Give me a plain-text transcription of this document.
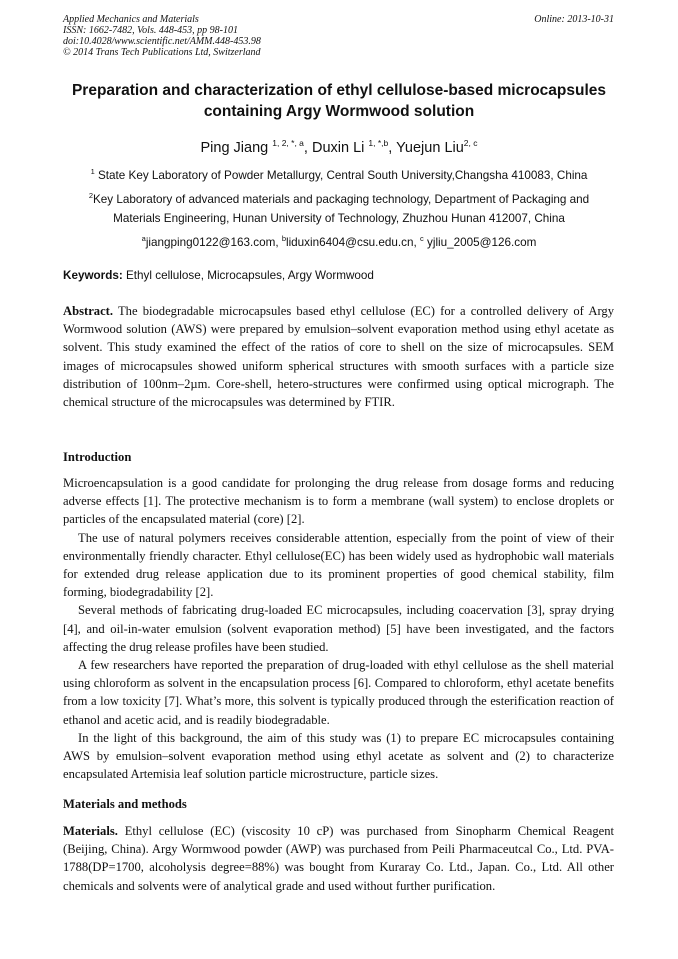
Applied Mechanics and Materials
ISSN: 1662-7482, Vols. 448-453, pp 98-101
doi:10.4028/www.scientific.net/AMM.448-453.98
© 2014 Trans Tech Publications Ltd, Switzerland
Online: 2013-10-31
Preparation and characterization of ethyl cellulose-based microcapsules
containing Argy Wormwood solution
Ping Jiang $^{1, 2, *, a}$, Duxin Li $^{1, *,b}$, Yuejun Liu$^{2, c}$
$^1$ State Key Laboratory of Powder Metallurgy, Central South University,Changsha 410083, China
$^2$Key Laboratory of advanced materials and packaging technology, Department of Packaging and
Materials Engineering, Hunan University of Technology, Zhuzhou Hunan 412007, China
$^a$jiangping0122@163.com, $^b$liduxin6404@csu.edu.cn, $^c$ yjliu_2005@126.com
Keywords: Ethyl cellulose, Microcapsules, Argy Wormwood

Abstract. The biodegradable microcapsules based ethyl cellulose (EC) for a controlled delivery of Argy Wormwood solution (AWS) were prepared by emulsion–solvent evaporation method using ethyl acetate as solvent. This study examined the effect of the ratios of core to shell on the size of microcapsules. SEM images of microcapsules showed uniform spherical structures with smooth surfaces with a particle size distribution of 100nm–2µm. Core-shell, hetero-structures were confirmed using optical micrograph. The chemical structure of the microcapsules was determined by FTIR.

Introduction

Microencapsulation is a good candidate for prolonging the drug release from dosage forms and reducing adverse effects [1]. The protective mechanism is to form a membrane (wall system) to enclose droplets or particles of the encapsulated material (core) [2].

The use of natural polymers receives considerable attention, especially from the point of view of their environmentally friendly character. Ethyl cellulose(EC) has been widely used as hydrophobic wall materials for extended drug release application due to its prominent properties of good chemical stability, film forming, biodegradability [2].

Several methods of fabricating drug-loaded EC microcapsules, including coacervation [3], spray drying [4], and oil-in-water emulsion (solvent evaporation method) [5] have been investigated, and the factors affecting the drug release profiles have been studied.

A few researchers have reported the preparation of drug-loaded with ethyl cellulose as the shell material using chloroform as solvent in the encapsulation process [6]. Compared to chloroform, ethyl acetate benefits from a low toxicity [7]. What’s more, this solvent is typically produced through the esterification reaction of ethanol and acetic acid, and is readily biodegradable.

In the light of this background, the aim of this study was (1) to prepare EC microcapsules containing AWS by emulsion–solvent evaporation method using ethyl acetate as solvent and (2) to characterize encapsulated Artemisia leaf solution particle microstructure, particle sizes.

Materials and methods

Materials. Ethyl cellulose (EC) (viscosity 10 cP) was purchased from Sinopharm Chemical Reagent (Beijing, China). Argy Wormwood powder (AWP) was purchased from Peili Pharmaceutcal Co., Ltd. PVA-1788(DP=1700, alcoholysis degree=88%) was bought from Kuraray Co. Ltd., Japan. Co., Ltd. All other chemicals and solvents were of analytical grade and used without further purification.
